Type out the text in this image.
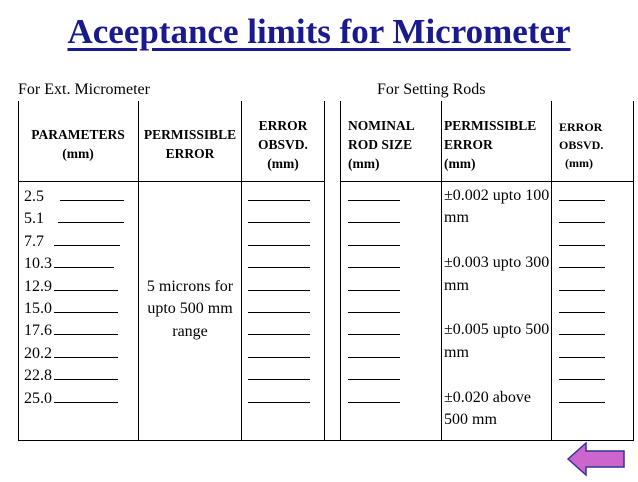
Aceeptance limits for Micrometer
For Ext. Micrometer	For Setting Rods
PARAMETERS
(mm)
PERMISSIBLE
ERROR
ERROR
OBSVD.
(mm)
NOMINAL
ROD SIZE
(mm)
PERMISSIBLE
ERROR
(mm)
ERROR
OBSVD.
(mm)
2.5
5.1
7.7
10.3
12.9
15.0
17.6
20.2
22.8
25.0
5 microns for
upto 500 mm
range
±0.002 upto 100
mm
±0.003 upto 300
mm
±0.005 upto 500
mm
±0.020 above
500 mm
